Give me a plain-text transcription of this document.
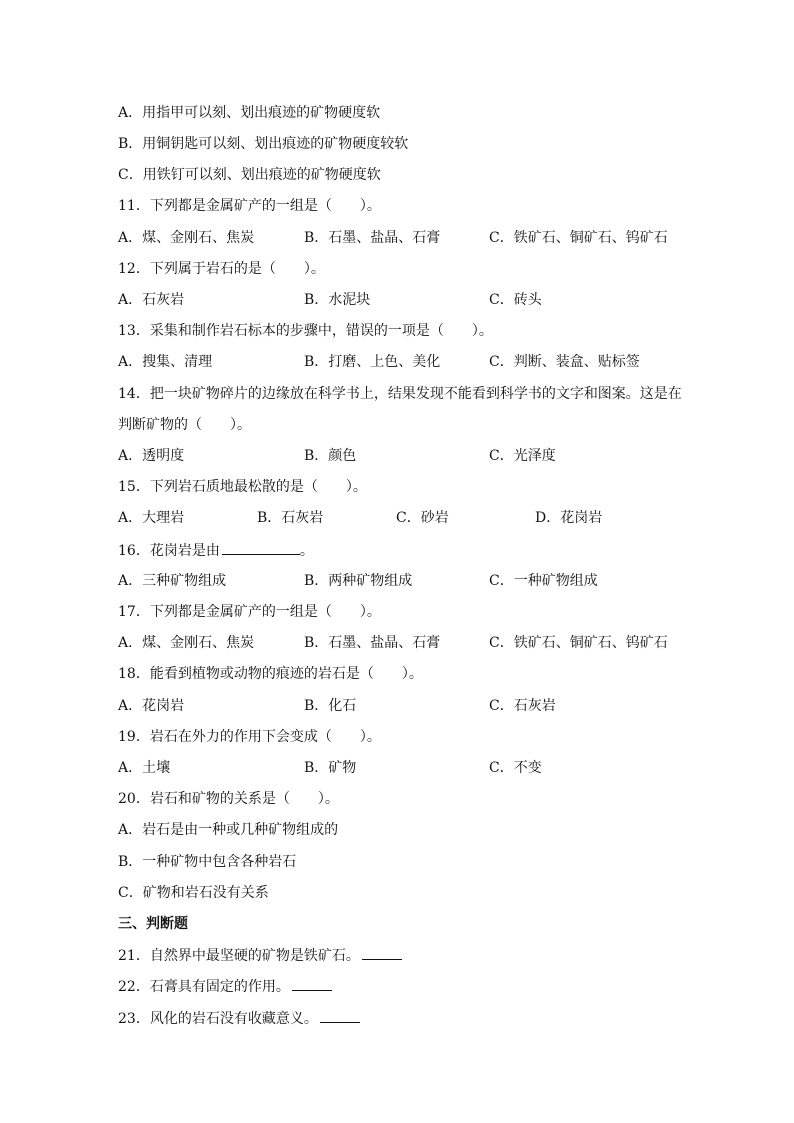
A．用指甲可以刻、划出痕迹的矿物硬度软
B．用铜钥匙可以刻、划出痕迹的矿物硬度较软
C．用铁钉可以刻、划出痕迹的矿物硬度软
11．下列都是金属矿产的一组是（　　）。
A．煤、金刚石、焦炭	B．石墨、盐晶、石膏	C．铁矿石、铜矿石、钨矿石
12．下列属于岩石的是（　　）。
A．石灰岩	B．水泥块	C．砖头
13．采集和制作岩石标本的步骤中，错误的一项是（　　）。
A．搜集、清理	B．打磨、上色、美化	C．判断、装盒、贴标签
14．把一块矿物碎片的边缘放在科学书上，结果发现不能看到科学书的文字和图案。这是在
判断矿物的（　　）。
A．透明度	B．颜色	C．光泽度
15．下列岩石质地最松散的是（　　）。
A．大理岩	B．石灰岩	C．砂岩	D．花岗岩
16．花岗岩是由	。
A．三种矿物组成	B．两种矿物组成	C．一种矿物组成
17．下列都是金属矿产的一组是（　　）。
A．煤、金刚石、焦炭	B．石墨、盐晶、石膏	C．铁矿石、铜矿石、钨矿石
18．能看到植物或动物的痕迹的岩石是（　　）。
A．花岗岩	B．化石	C．石灰岩
19．岩石在外力的作用下会变成（　　）。
A．土壤	B．矿物	C．不变
20．岩石和矿物的关系是（　　）。
A．岩石是由一种或几种矿物组成的
B．一种矿物中包含各种岩石
C．矿物和岩石没有关系
三、判断题
21．自然界中最坚硬的矿物是铁矿石。
22．石膏具有固定的作用。
23．风化的岩石没有收藏意义。
